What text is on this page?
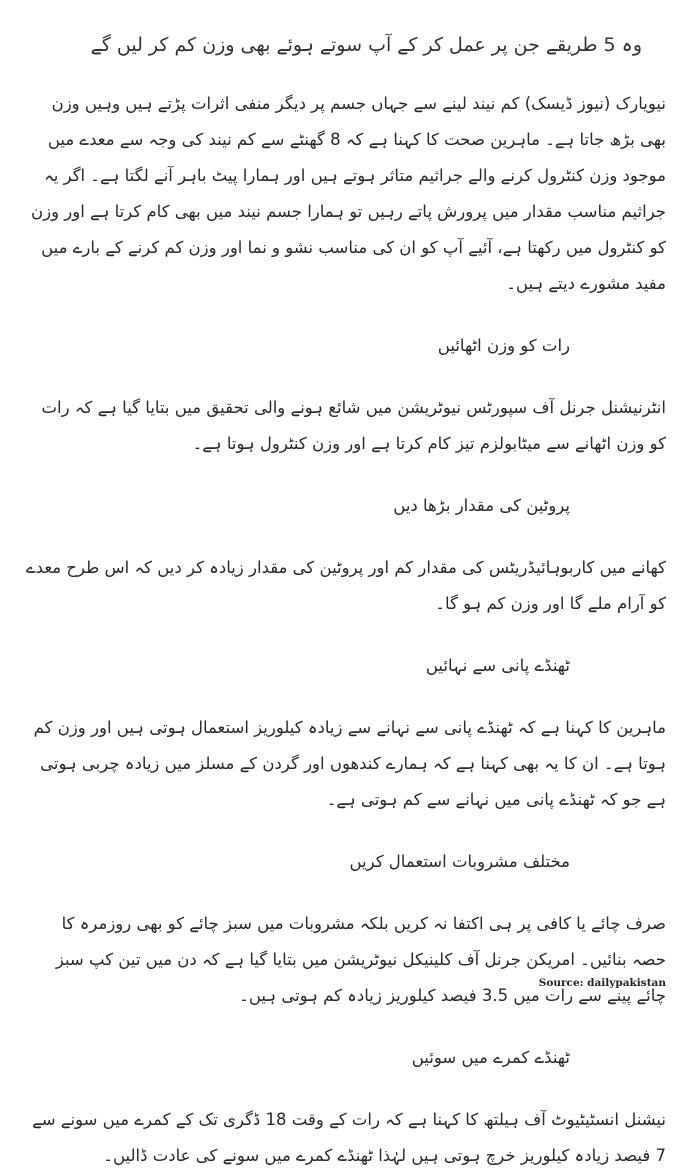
وہ 5 طریقے جن پر عمل کر کے آپ سوتے ہوئے بھی وزن کم کر لیں گے

نیویارک (نیوز ڈیسک) کم نیند لینے سے جہاں جسم پر دیگر منفی اثرات پڑتے ہیں وہیں وزن بھی بڑھ جاتا ہے۔ ماہرین صحت کا کہنا ہے کہ 8 گھنٹے سے کم نیند کی وجہ سے معدے میں موجود وزن کنٹرول کرنے والے جراثیم متاثر ہوتے ہیں اور ہمارا پیٹ باہر آنے لگتا ہے۔ اگر یہ جراثیم مناسب مقدار میں پرورش پاتے رہیں تو ہمارا جسم نیند میں بھی کام کرتا ہے اور وزن کو کنٹرول میں رکھتا ہے، آئیے آپ کو ان کی مناسب نشو و نما اور وزن کم کرنے کے بارے میں مفید مشورے دیتے ہیں۔

رات کو وزن اٹھائیں

انٹرنیشنل جرنل آف سپورٹس نیوٹریشن میں شائع ہونے والی تحقیق میں بتایا گیا ہے کہ رات کو وزن اٹھانے سے میٹابولزم تیز کام کرتا ہے اور وزن کنٹرول ہوتا ہے۔

پروٹین کی مقدار بڑھا دیں

کھانے میں کاربوہائیڈریٹس کی مقدار کم اور پروٹین کی مقدار زیادہ کر دیں کہ اس طرح معدے کو آرام ملے گا اور وزن کم ہو گا۔

ٹھنڈے پانی سے نہائیں

ماہرین کا کہنا ہے کہ ٹھنڈے پانی سے نہانے سے زیادہ کیلوریز استعمال ہوتی ہیں اور وزن کم ہوتا ہے۔ ان کا یہ بھی کہنا ہے کہ ہمارے کندھوں اور گردن کے مسلز میں زیادہ چربی ہوتی ہے جو کہ ٹھنڈے پانی میں نہانے سے کم ہوتی ہے۔

مختلف مشروبات استعمال کریں

صرف چائے یا کافی پر ہی اکتفا نہ کریں بلکہ مشروبات میں سبز چائے کو بھی روزمرہ کا حصہ بنائیں۔ امریکن جرنل آف کلینیکل نیوٹریشن میں بتایا گیا ہے کہ دن میں تین کپ سبز چائے پینے سے رات میں 3.5 فیصد کیلوریز زیادہ کم ہوتی ہیں۔

ٹھنڈے کمرے میں سوئیں

نیشنل انسٹیٹیوٹ آف ہیلتھ کا کہنا ہے کہ رات کے وقت 18 ڈگری تک کے کمرے میں سونے سے 7 فیصد زیادہ کیلوریز خرچ ہوتی ہیں لہٰذا ٹھنڈے کمرے میں سونے کی عادت ڈالیں۔

Source: dailypakistan
